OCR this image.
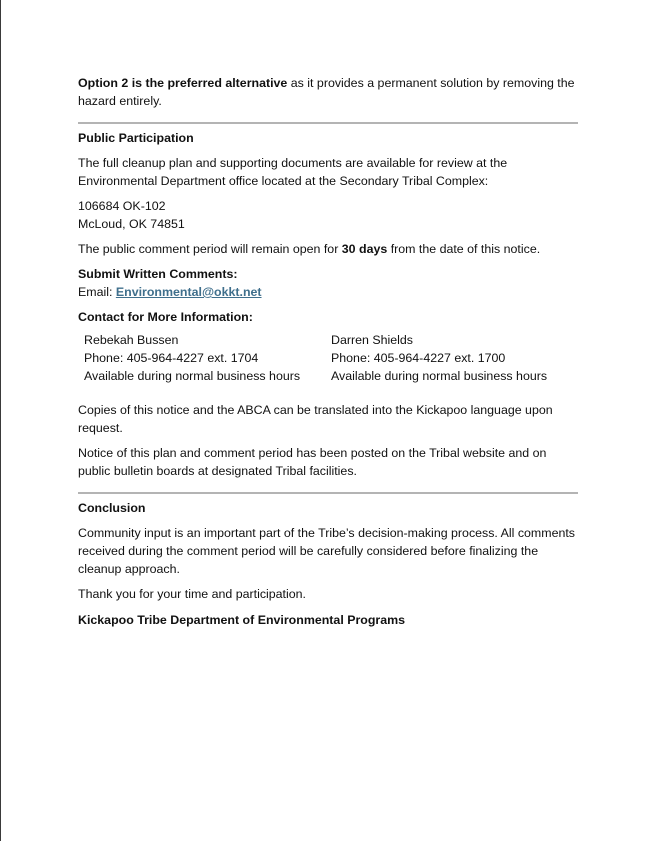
Option 2 is the preferred alternative as it provides a permanent solution by removing the hazard entirely.

Public Participation

The full cleanup plan and supporting documents are available for review at the Environmental Department office located at the Secondary Tribal Complex:

106684 OK-102

McLoud, OK 74851

The public comment period will remain open for 30 days from the date of this notice.

Submit Written Comments:

Email: Environmental@okkt.net

Contact for More Information:

Rebekah Bussen

Phone: 405-964-4227 ext. 1704

Available during normal business hours

Darren Shields

Phone: 405-964-4227 ext. 1700

Available during normal business hours

Copies of this notice and the ABCA can be translated into the Kickapoo language upon request.

Notice of this plan and comment period has been posted on the Tribal website and on public bulletin boards at designated Tribal facilities.

Conclusion

Community input is an important part of the Tribe’s decision-making process. All comments received during the comment period will be carefully considered before finalizing the cleanup approach.

Thank you for your time and participation.

Kickapoo Tribe Department of Environmental Programs
